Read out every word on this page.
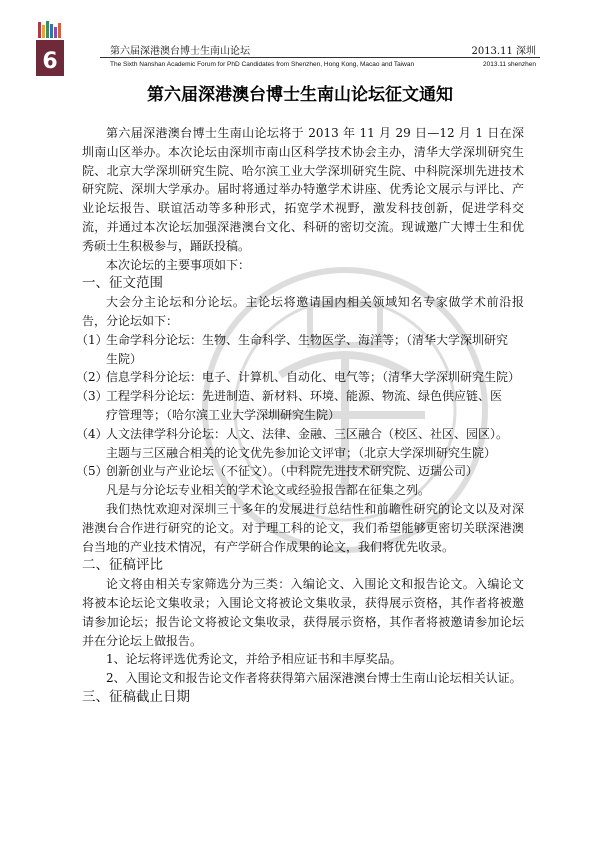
6	第六届深港澳台博士生南山论坛	2013.11 深圳
The Sixth Nanshan Academic Forum for PhD Candidates from Shenzhen, Hong Kong, Macao and Taiwan	2013.11 shenzhen
第六届深港澳台博士生南山论坛征文通知

第六届深港澳台博士生南山论坛将于 2013 年 11 月 29 日—12 月 1 日在深圳南山区举办。本次论坛由深圳市南山区科学技术协会主办，清华大学深圳研究生院、北京大学深圳研究生院、哈尔滨工业大学深圳研究生院、中科院深圳先进技术研究院、深圳大学承办。届时将通过举办特邀学术讲座、优秀论文展示与评比、产业论坛报告、联谊活动等多种形式，拓宽学术视野，激发科技创新，促进学科交流，并通过本次论坛加强深港澳台文化、科研的密切交流。现诚邀广大博士生和优秀硕士生积极参与，踊跃投稿。

本次论坛的主要事项如下：

一、征文范围

大会分主论坛和分论坛。主论坛将邀请国内相关领域知名专家做学术前沿报告，分论坛如下：

（1）
生命学科分论坛：生物、生命科学、生物医学、海洋等；（清华大学深圳研究
生院）
（2）
信息学科分论坛：电子、计算机、自动化、电气等；（清华大学深圳研究生院）
（3）
工程学科分论坛：先进制造、新材料、环境、能源、物流、绿色供应链、医
疗管理等；（哈尔滨工业大学深圳研究生院）
（4）
人文法律学科分论坛：人文、法律、金融、三区融合（校区、社区、园区）。
主题与三区融合相关的论文优先参加论文评审；（北京大学深圳研究生院）
（5）
创新创业与产业论坛（不征文）。（中科院先进技术研究院、迈瑞公司）

凡是与分论坛专业相关的学术论文或经验报告都在征集之列。

我们热忱欢迎对深圳三十多年的发展进行总结性和前瞻性研究的论文以及对深港澳台合作进行研究的论文。对于理工科的论文，我们希望能够更密切关联深港澳台当地的产业技术情况，有产学研合作成果的论文，我们将优先收录。

二、征稿评比

论文将由相关专家筛选分为三类：入编论文、入围论文和报告论文。入编论文将被本论坛论文集收录；入围论文将被论文集收录，获得展示资格，其作者将被邀请参加论坛；报告论文将被论文集收录，获得展示资格，其作者将被邀请参加论坛并在分论坛上做报告。

1、论坛将评选优秀论文，并给予相应证书和丰厚奖品。

2、入围论文和报告论文作者将获得第六届深港澳台博士生南山论坛相关认证。

三、征稿截止日期
